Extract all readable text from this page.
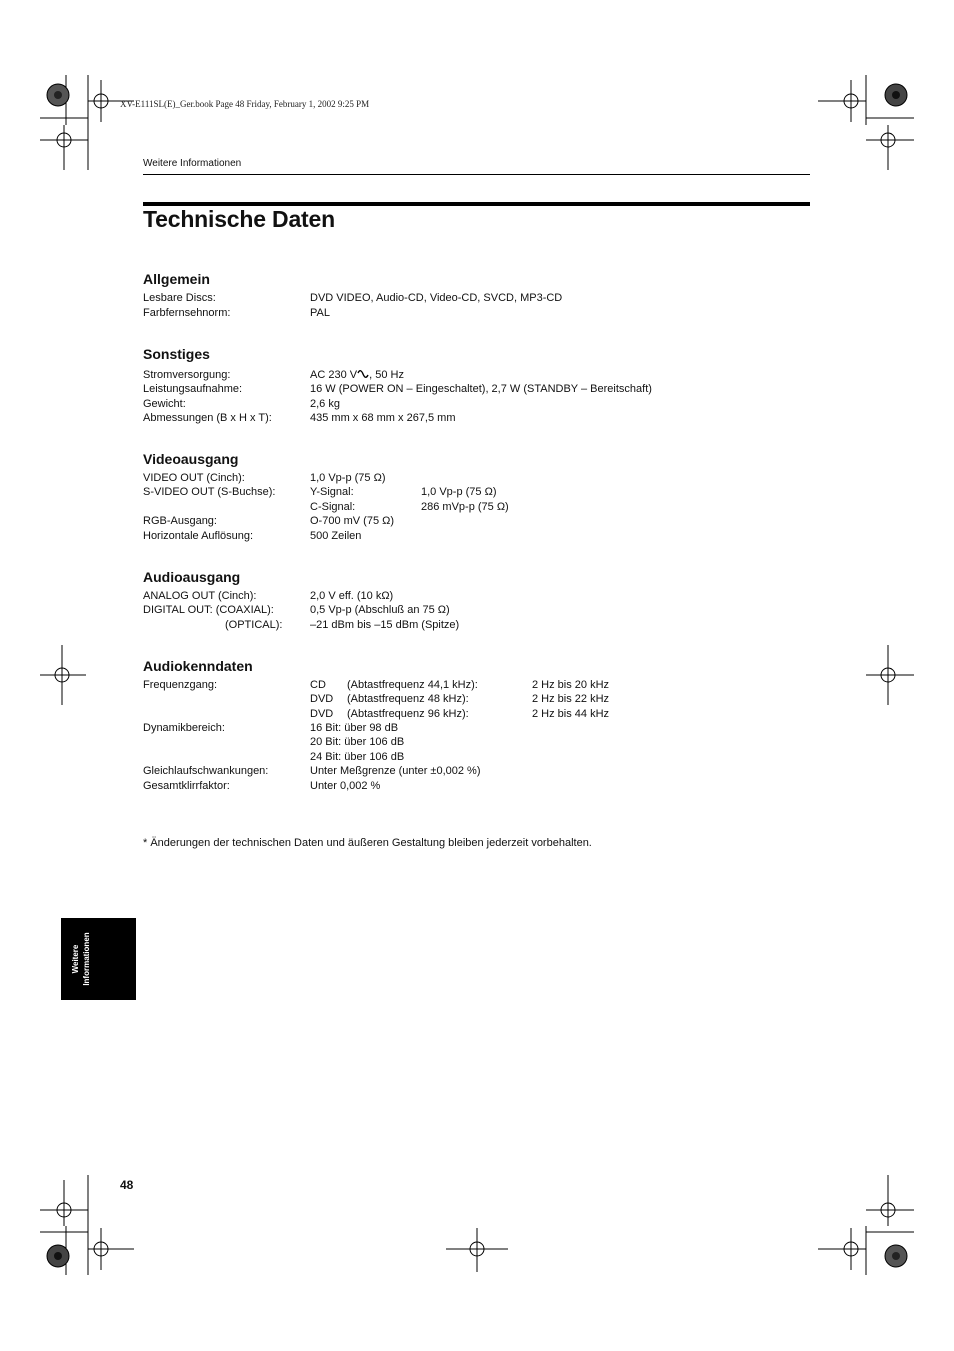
XV-E111SL(E)_Ger.book Page 48 Friday, February 1, 2002 9:25 PM
Weitere Informationen
Technische Daten
Allgemein
Lesbare Discs:	DVD VIDEO, Audio-CD, Video-CD, SVCD, MP3-CD
Farbfernsehnorm:	PAL
Sonstiges
Stromversorgung:	AC 230 V , 50 Hz
Leistungsaufnahme:	16 W (POWER ON – Eingeschaltet), 2,7 W (STANDBY – Bereitschaft)
Gewicht:	2,6 kg
Abmessungen (B x H x T):	435 mm x 68 mm x 267,5 mm
Videoausgang
VIDEO OUT (Cinch):	1,0 Vp-p (75 Ω)
S-VIDEO OUT (S-Buchse):	Y-Signal:	1,0 Vp-p (75 Ω)
C-Signal:	286 mVp-p (75 Ω)
RGB-Ausgang:	O-700 mV (75 Ω)
Horizontale Auflösung:	500 Zeilen
Audioausgang
ANALOG OUT (Cinch):	2,0 V eff. (10 kΩ)
DIGITAL OUT: (COAXIAL):	0,5 Vp-p (Abschluß an 75 Ω)
(OPTICAL):	–21 dBm bis –15 dBm (Spitze)
Audiokenndaten
Frequenzgang:	CD (Abtastfrequenz 44,1 kHz):	2 Hz bis 20 kHz
DVD (Abtastfrequenz 48 kHz):	2 Hz bis 22 kHz
DVD (Abtastfrequenz 96 kHz):	2 Hz bis 44 kHz
Dynamikbereich:	16 Bit: über 98 dB
20 Bit: über 106 dB
24 Bit: über 106 dB
Gleichlaufschwankungen:	Unter Meßgrenze (unter ±0,002 %)
Gesamtklirrfaktor:	Unter 0,002 %
* Änderungen der technischen Daten und äußeren Gestaltung bleiben jederzeit vorbehalten.
Weitere Informationen
48
